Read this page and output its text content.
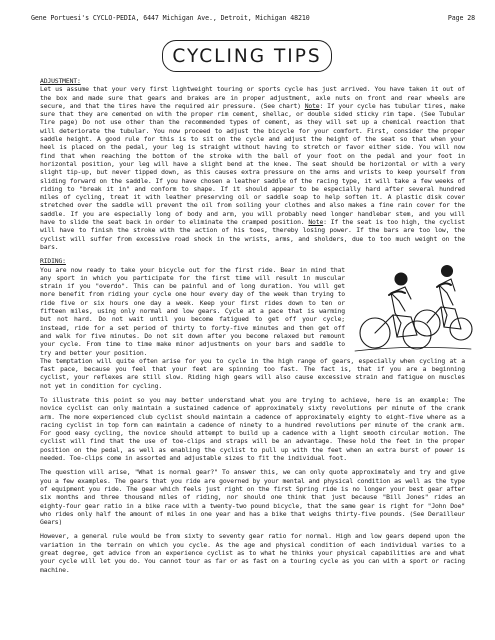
Gene Portuesi's CYCLO-PEDIA, 6447 Michigan Ave., Detroit, Michigan 48210	Page 28
CYCLING TIPS

ADJUSTMENT:
Let us assume that your very first lightweight touring or sports cycle has just arrived. You have taken it out of the box and made sure that gears and brakes are in proper adjustment, axle nuts on front and rear wheels are secure, and that the tires have the required air pressure. (See chart) Note: If your cycle has tubular tires, make sure that they are cemented on with the proper rim cement, shellac, or double sided sticky rim tape. (See Tubular Tire page) Do not use other than the recommended types of cement, as they will set up a chemical reaction that will deteriorate the tubular. You now proceed to adjust the bicycle for your comfort. First, consider the proper saddle height. A good rule for this is to sit on the cycle and adjust the height of the seat so that when your heel is placed on the pedal, your leg is straight without having to stretch or favor either side. You will now find that when reaching the bottom of the stroke with the ball of your foot on the pedal and your foot in horizontal position, your leg will have a slight bend at the knee. The seat should be horizontal or with a very slight tip-up, but never tipped down, as this causes extra pressure on the arms and wrists to keep yourself from sliding forward on the saddle. If you have chosen a leather saddle of the racing type, it will take a few weeks of riding to "break it in" and conform to shape. If it should appear to be especially hard after several hundred miles of cycling, treat it with leather preserving oil or saddle soap to help soften it. A plastic disk cover stretched over the saddle will prevent the oil from soiling your clothes and also makes a fine rain cover for the saddle. If you are especially long of body and arm, you will probably need longer handlebar stem, and you will have to slide the seat back in order to eliminate the cramped position. Note: If the seat is too high, the cyclist will have to finish the stroke with the action of his toes, thereby losing power. If the bars are too low, the cyclist will suffer from excessive road shock in the wrists, arms, and sholders, due to too much weight on the bars.

RIDING:
You are now ready to take your bicycle out for the first ride. Bear in mind that any sport in which you participate for the first time will result in muscular strain if you "overdo". This can be painful and of long duration. You will get more benefit from riding your cycle one hour every day of the week than trying to ride five or six hours one day a week. Keep your first rides down to ten or fifteen miles, using only normal and low gears. Cycle at a pace that is warming but not hard. Do not wait until you become fatigued to get off your cycle; instead, ride for a set period of thirty to forty-five minutes and then get off and walk for five minutes. Do not sit down after you become relaxed but remount your cycle. From time to time make minor adjustments on your bars and saddle to try and better your position.

The temptation will quite often arise for you to cycle in the high range of gears, especially when cycling at a fast pace, because you feel that your feet are spinning too fast. The fact is, that if you are a beginning cyclist, your reflexes are still slow. Riding high gears will also cause excessive strain and fatigue on muscles not yet in condition for cycling.

To illustrate this point so you may better understand what you are trying to achieve, here is an example: The novice cyclist can only maintain a sustained cadence of approximately sixty revolutions per minute of the crank arm. The more experienced club cyclist should maintain a cadence of approximately eighty to eight-five where as a racing cyclist in top form can maintain a cadence of ninety to a hundred revolutions per minute of the crank arm. For good easy cycling, the novice should attempt to build up a cadence with a light smooth circular motion. The cyclist will find that the use of toe-clips and straps will be an advantage. These hold the feet in the proper position on the pedal, as well as enabling the cyclist to pull up with the feet when an extra burst of power is needed. Toe-clips come in assorted and adjustable sizes to fit the individual foot.

The question will arise, "What is normal gear?" To answer this, we can only quote approximately and try and give you a few examples. The gears that you ride are governed by your mental and physical condition as well as the type of equipment you ride. The gear which feels just right on the first Spring ride is no longer your best gear after six months and three thousand miles of riding, nor should one think that just because "Bill Jones" rides an eighty-four gear ratio in a bike race with a twenty-two pound bicycle, that the same gear is right for "John Doe" who rides only half the amount of miles in one year and has a bike that weighs thirty-five pounds. (See Derailleur Gears)

However, a general rule would be from sixty to seventy gear ratio for normal. High and low gears depend upon the variation in the terrain on which you cycle. As the age and physical condition of each individual varies to a great degree, get advice from an experience cyclist as to what he thinks your physical capabilities are and what your cycle will let you do. You cannot tour as far or as fast on a touring cycle as you can with a sport or racing machine.
